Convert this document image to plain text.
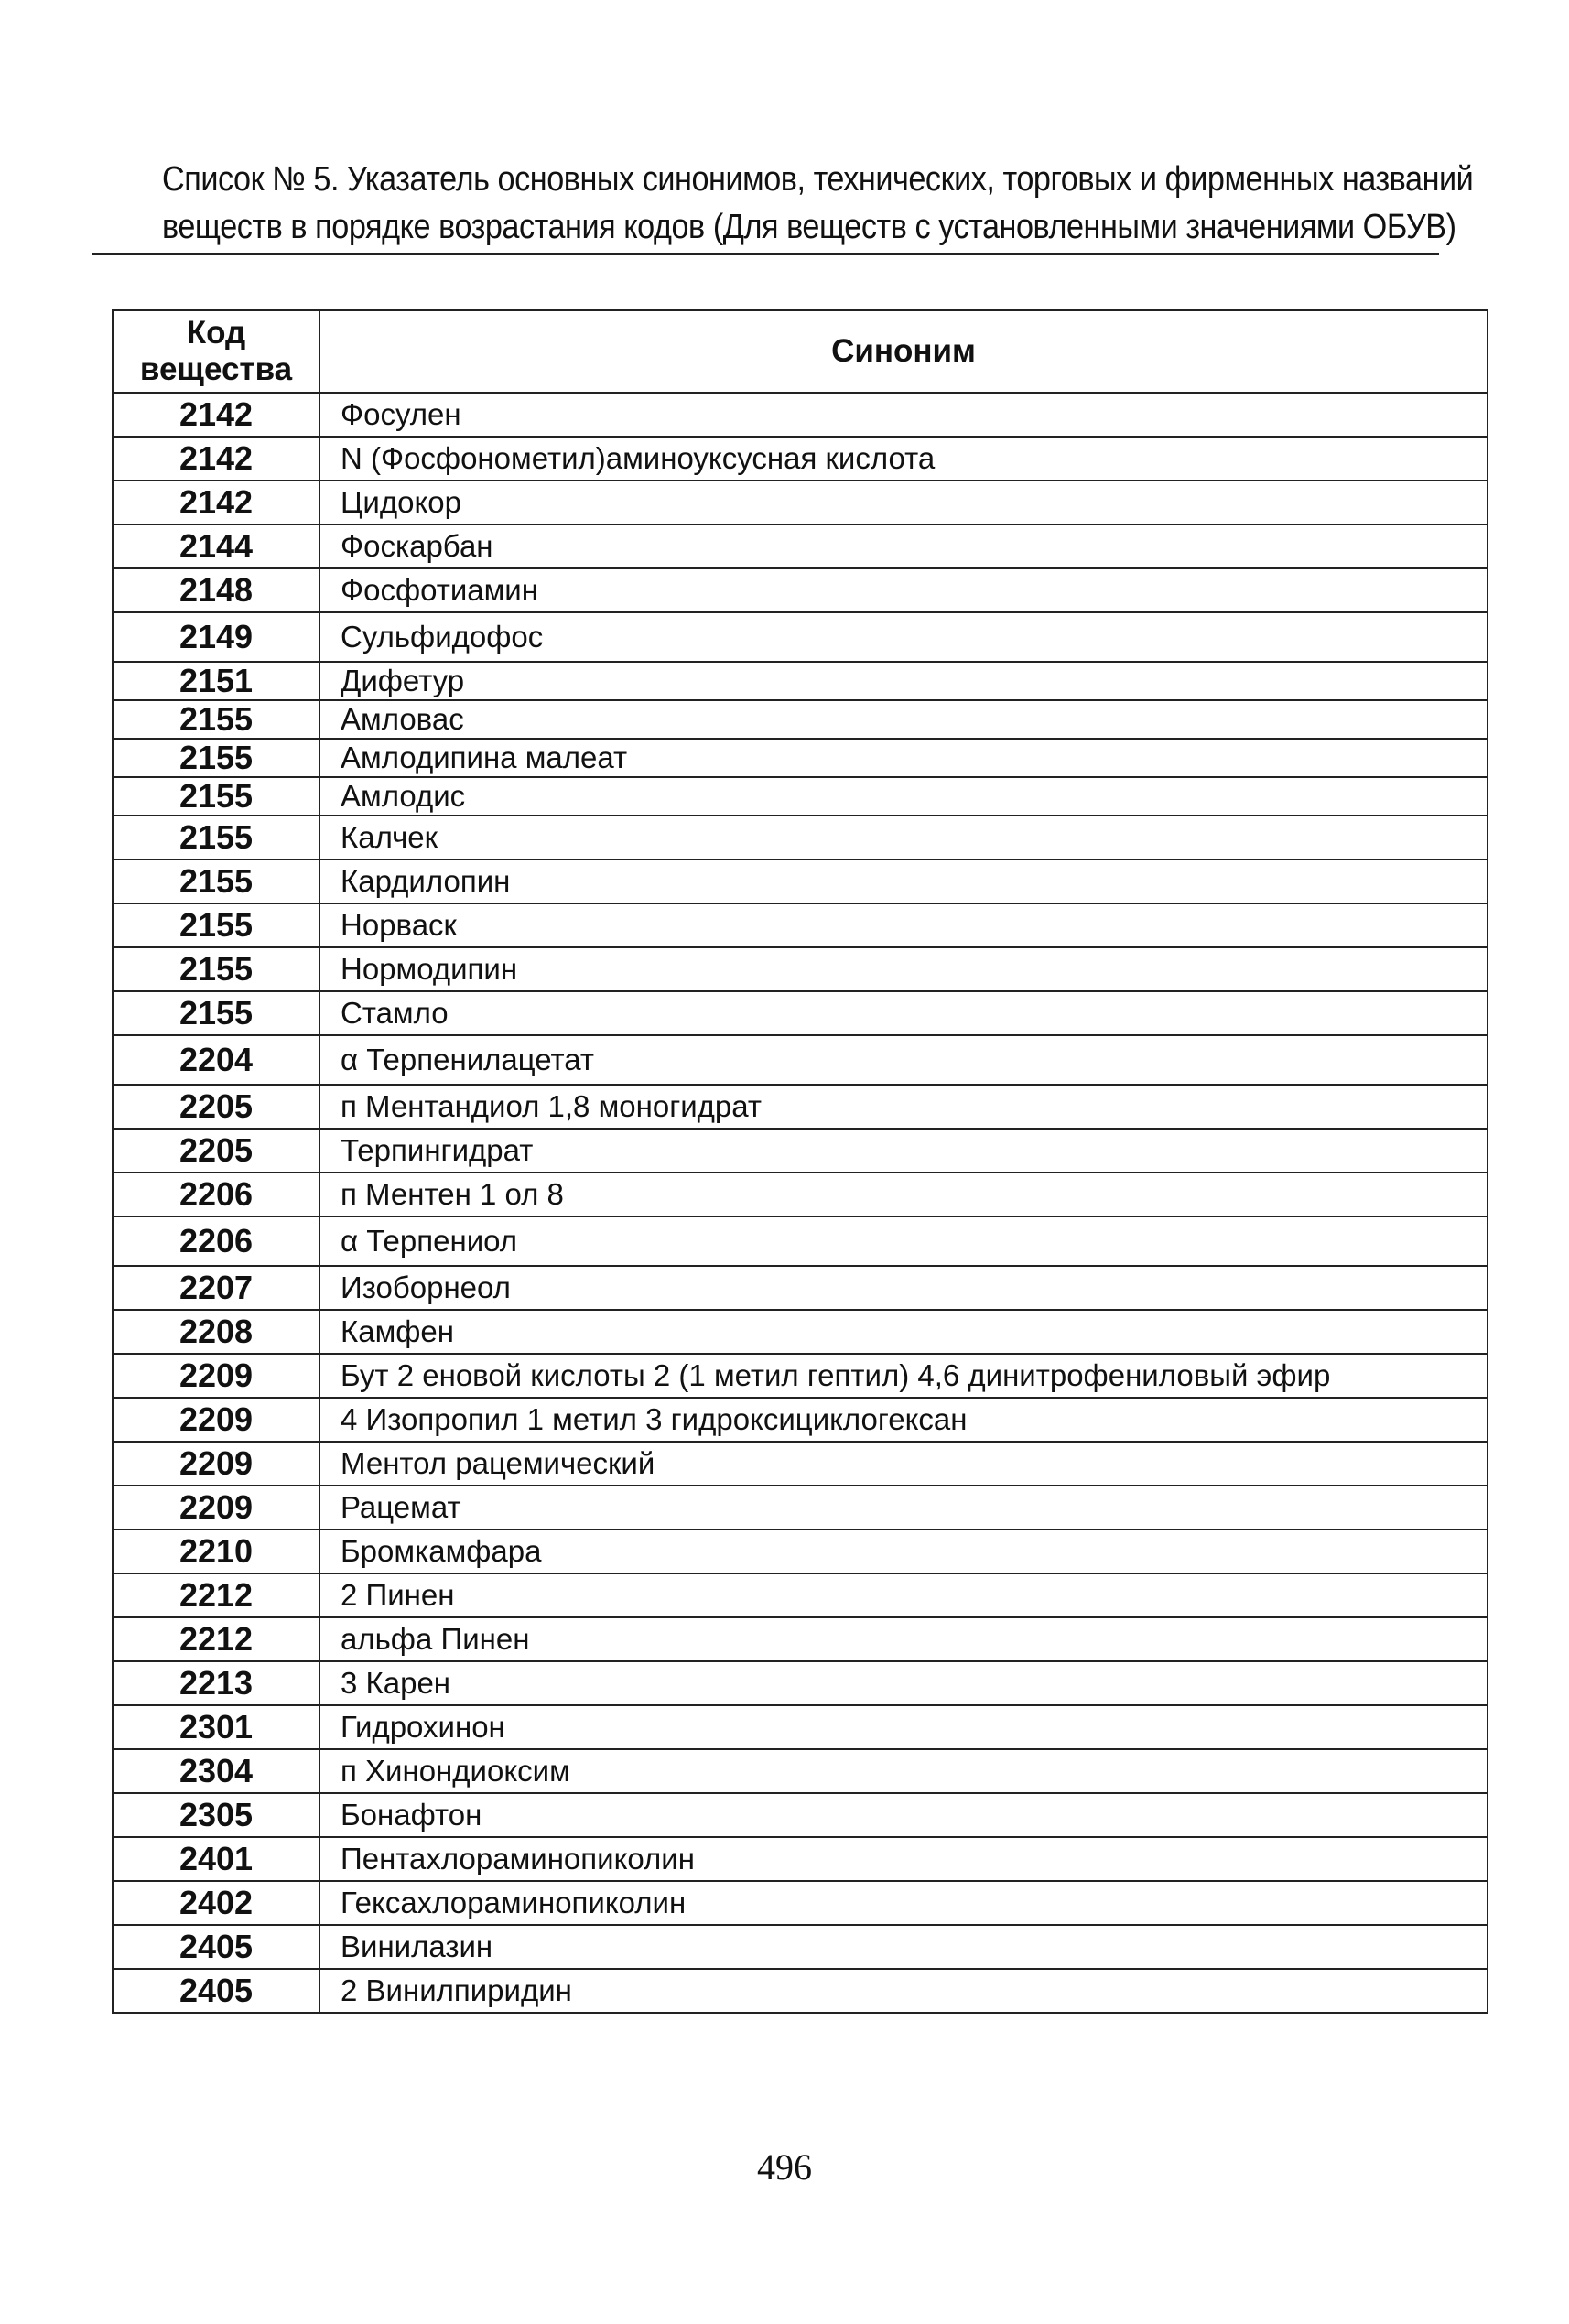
Список № 5. Указатель основных синонимов, технических, торговых и фирменных названий
веществ в порядке возрастания кодов (Для веществ с установленными значениями ОБУВ)
Код вещества	Синоним
2142	Фосулен
2142	N (Фосфонометил)аминоуксусная кислота
2142	Цидокор
2144	Фоскарбан
2148	Фосфотиамин
2149	Сульфидофос
2151	Дифетур
2155	Амловас
2155	Амлодипина малеат
2155	Амлодис
2155	Калчек
2155	Кардилопин
2155	Норваск
2155	Нормодипин
2155	Стамло
2204	α Терпенилацетат
2205	п Ментандиол 1,8 моногидрат
2205	Терпингидрат
2206	п Ментен 1 ол 8
2206	α Терпениол
2207	Изоборнеол
2208	Камфен
2209	Бут 2 еновой кислоты 2 (1 метил гептил) 4,6 динитрофениловый эфир
2209	4 Изопропил 1 метил 3 гидроксициклогексан
2209	Ментол рацемический
2209	Рацемат
2210	Бромкамфара
2212	2 Пинен
2212	альфа Пинен
2213	3 Карен
2301	Гидрохинон
2304	п Хинондиоксим
2305	Бонафтон
2401	Пентахлораминопиколин
2402	Гексахлораминопиколин
2405	Винилазин
2405	2 Винилпиридин
496
